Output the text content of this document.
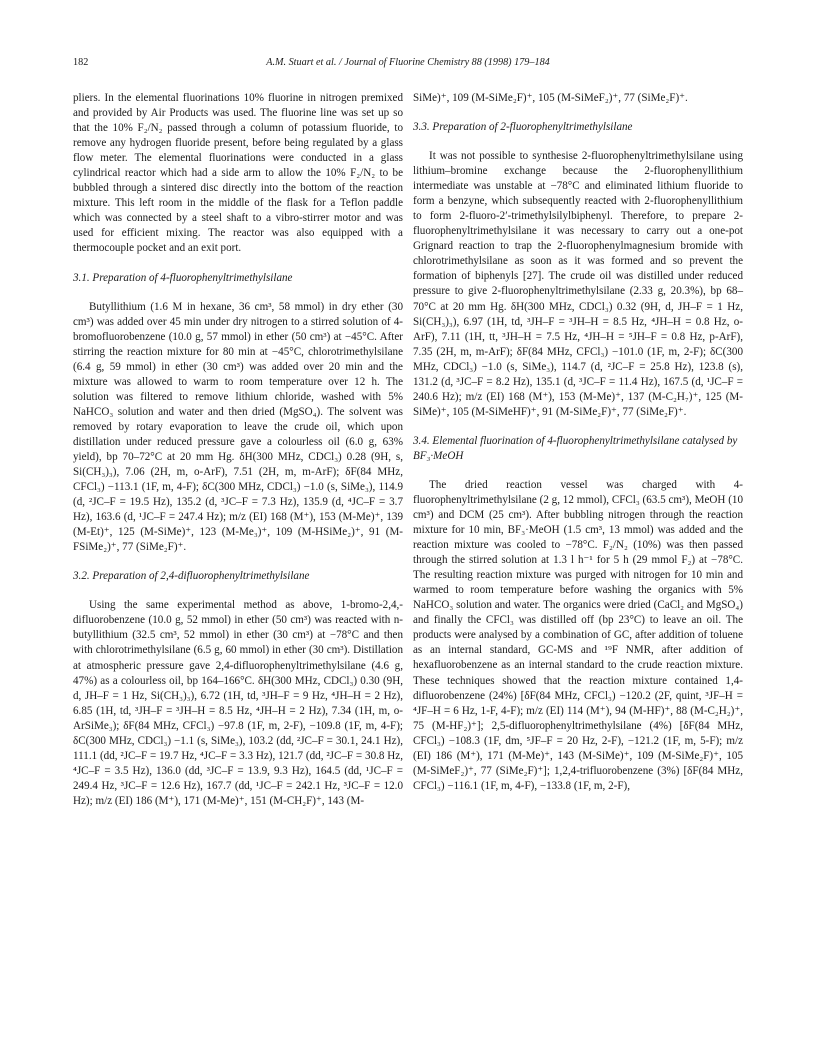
182	A.M. Stuart et al. / Journal of Fluorine Chemistry 88 (1998) 179–184

pliers. In the elemental fluorinations 10% fluorine in nitrogen premixed and provided by Air Products was used. The fluorine line was set up so that the 10% F₂/N₂ passed through a column of potassium fluoride, to remove any hydrogen fluoride present, before being regulated by a glass flow meter. The elemental fluorinations were conducted in a glass cylindrical reactor which had a side arm to allow the 10% F₂/N₂ to be bubbled through a sintered disc directly into the bottom of the reaction mixture. This left room in the middle of the flask for a Teflon paddle which was connected by a steel shaft to a vibro-stirrer motor and was used for efficient mixing. The reactor was also equipped with a thermocouple pocket and an exit port.

3.1. Preparation of 4-fluorophenyltrimethylsilane

Butyllithium (1.6 M in hexane, 36 cm³, 58 mmol) in dry ether (30 cm³) was added over 45 min under dry nitrogen to a stirred solution of 4-bromofluorobenzene (10.0 g, 57 mmol) in ether (50 cm³) at −45°C. After stirring the reaction mixture for 80 min at −45°C, chlorotrimethylsilane (6.4 g, 59 mmol) in ether (30 cm³) was added over 20 min and the mixture was allowed to warm to room temperature over 12 h. The solution was filtered to remove lithium chloride, washed with 5% NaHCO₃ solution and water and then dried (MgSO₄). The solvent was removed by rotary evaporation to leave the crude oil, which upon distillation under reduced pressure gave a colourless oil (6.0 g, 63% yield), bp 70–72°C at 20 mm Hg. δH(300 MHz, CDCl₃) 0.28 (9H, s, Si(CH₃)₃), 7.06 (2H, m, o-ArF), 7.51 (2H, m, m-ArF); δF(84 MHz, CFCl₃) −113.1 (1F, m, 4-F); δC(300 MHz, CDCl₃) −1.0 (s, SiMe₃), 114.9 (d, ²JC–F = 19.5 Hz), 135.2 (d, ³JC–F = 7.3 Hz), 135.9 (d, ⁴JC–F = 3.7 Hz), 163.6 (d, ¹JC–F = 247.4 Hz); m/z (EI) 168 (M⁺), 153 (M-Me)⁺, 139 (M-Et)⁺, 125 (M-SiMe)⁺, 123 (M-Me₃)⁺, 109 (M-HSiMe₂)⁺, 91 (M-FSiMe₂)⁺, 77 (SiMe₂F)⁺.

3.2. Preparation of 2,4-difluorophenyltrimethylsilane

Using the same experimental method as above, 1-bromo-2,4,-difluorobenzene (10.0 g, 52 mmol) in ether (50 cm³) was reacted with n-butyllithium (32.5 cm³, 52 mmol) in ether (30 cm³) at −78°C and then with chlorotrimethylsilane (6.5 g, 60 mmol) in ether (30 cm³). Distillation at atmospheric pressure gave 2,4-difluorophenyltrimethylsilane (4.6 g, 47%) as a colourless oil, bp 164–166°C. δH(300 MHz, CDCl₃) 0.30 (9H, d, JH–F = 1 Hz, Si(CH₃)₃), 6.72 (1H, td, ³JH–F = 9 Hz, ⁴JH–H = 2 Hz), 6.85 (1H, td, ³JH–F = ³JH–H = 8.5 Hz, ⁴JH–H = 2 Hz), 7.34 (1H, m, o-ArSiMe₃); δF(84 MHz, CFCl₃) −97.8 (1F, m, 2-F), −109.8 (1F, m, 4-F); δC(300 MHz, CDCl₃) −1.1 (s, SiMe₃), 103.2 (dd, ²JC–F = 30.1, 24.1 Hz), 111.1 (dd, ²JC–F = 19.7 Hz, ⁴JC–F = 3.3 Hz), 121.7 (dd, ²JC–F = 30.8 Hz, ⁴JC–F = 3.5 Hz), 136.0 (dd, ³JC–F = 13.9, 9.3 Hz), 164.5 (dd, ¹JC–F = 249.4 Hz, ³JC–F = 12.6 Hz), 167.7 (dd, ¹JC–F = 242.1 Hz, ³JC–F = 12.0 Hz); m/z (EI) 186 (M⁺), 171 (M-Me)⁺, 151 (M-CH₂F)⁺, 143 (M-

SiMe)⁺, 109 (M-SiMe₂F)⁺, 105 (M-SiMeF₂)⁺, 77 (SiMe₂F)⁺.

3.3. Preparation of 2-fluorophenyltrimethylsilane

It was not possible to synthesise 2-fluorophenyltrimethylsilane using lithium–bromine exchange because the 2-fluorophenyllithium intermediate was unstable at −78°C and eliminated lithium fluoride to form a benzyne, which subsequently reacted with 2-fluorophenyllithium to form 2-fluoro-2′-trimethylsilylbiphenyl. Therefore, to prepare 2-fluorophenyltrimethylsilane it was necessary to carry out a one-pot Grignard reaction to trap the 2-fluorophenylmagnesium bromide with chlorotrimethylsilane as soon as it was formed and so prevent the formation of biphenyls [27]. The crude oil was distilled under reduced pressure to give 2-fluorophenyltrimethylsilane (2.33 g, 20.3%), bp 68–70°C at 20 mm Hg. δH(300 MHz, CDCl₃) 0.32 (9H, d, JH–F = 1 Hz, Si(CH₃)₃), 6.97 (1H, td, ³JH–F = ³JH–H = 8.5 Hz, ⁴JH–H = 0.8 Hz, o-ArF), 7.11 (1H, tt, ³JH–H = 7.5 Hz, ⁴JH–H = ⁵JH–F = 0.8 Hz, p-ArF), 7.35 (2H, m, m-ArF); δF(84 MHz, CFCl₃) −101.0 (1F, m, 2-F); δC(300 MHz, CDCl₃) −1.0 (s, SiMe₃), 114.7 (d, ²JC–F = 25.8 Hz), 123.8 (s), 131.2 (d, ³JC–F = 8.2 Hz), 135.1 (d, ³JC–F = 11.4 Hz), 167.5 (d, ¹JC–F = 240.6 Hz); m/z (EI) 168 (M⁺), 153 (M-Me)⁺, 137 (M-C₂H₇)⁺, 125 (M-SiMe)⁺, 105 (M-SiMeHF)⁺, 91 (M-SiMe₂F)⁺, 77 (SiMe₂F)⁺.

3.4. Elemental fluorination of 4-fluorophenyltrimethylsilane catalysed by BF₃·MeOH

The dried reaction vessel was charged with 4-fluorophenyltrimethylsilane (2 g, 12 mmol), CFCl₃ (63.5 cm³), MeOH (10 cm³) and DCM (25 cm³). After bubbling nitrogen through the reaction mixture for 10 min, BF₃·MeOH (1.5 cm³, 13 mmol) was added and the reaction mixture was cooled to −78°C. F₂/N₂ (10%) was then passed through the stirred solution at 1.3 l h⁻¹ for 5 h (29 mmol F₂) at −78°C. The resulting reaction mixture was purged with nitrogen for 10 min and warmed to room temperature before washing the organics with 5% NaHCO₃ solution and water. The organics were dried (CaCl₂ and MgSO₄) and finally the CFCl₃ was distilled off (bp 23°C) to leave an oil. The products were analysed by a combination of GC, after addition of toluene as an internal standard, GC-MS and ¹⁹F NMR, after addition of hexafluorobenzene as an internal standard to the crude reaction mixture. These techniques showed that the reaction mixture contained 1,4-difluorobenzene (24%) [δF(84 MHz, CFCl₃) −120.2 (2F, quint, ³JF–H = ⁴JF–H = 6 Hz, 1-F, 4-F); m/z (EI) 114 (M⁺), 94 (M-HF)⁺, 88 (M-C₂H₂)⁺, 75 (M-HF₂)⁺]; 2,5-difluorophenyltrimethylsilane (4%) [δF(84 MHz, CFCl₃) −108.3 (1F, dm, ⁵JF–F = 20 Hz, 2-F), −121.2 (1F, m, 5-F); m/z (EI) 186 (M⁺), 171 (M-Me)⁺, 143 (M-SiMe)⁺, 109 (M-SiMe₂F)⁺, 105 (M-SiMeF₂)⁺, 77 (SiMe₂F)⁺]; 1,2,4-trifluorobenzene (3%) [δF(84 MHz, CFCl₃) −116.1 (1F, m, 4-F), −133.8 (1F, m, 2-F),
